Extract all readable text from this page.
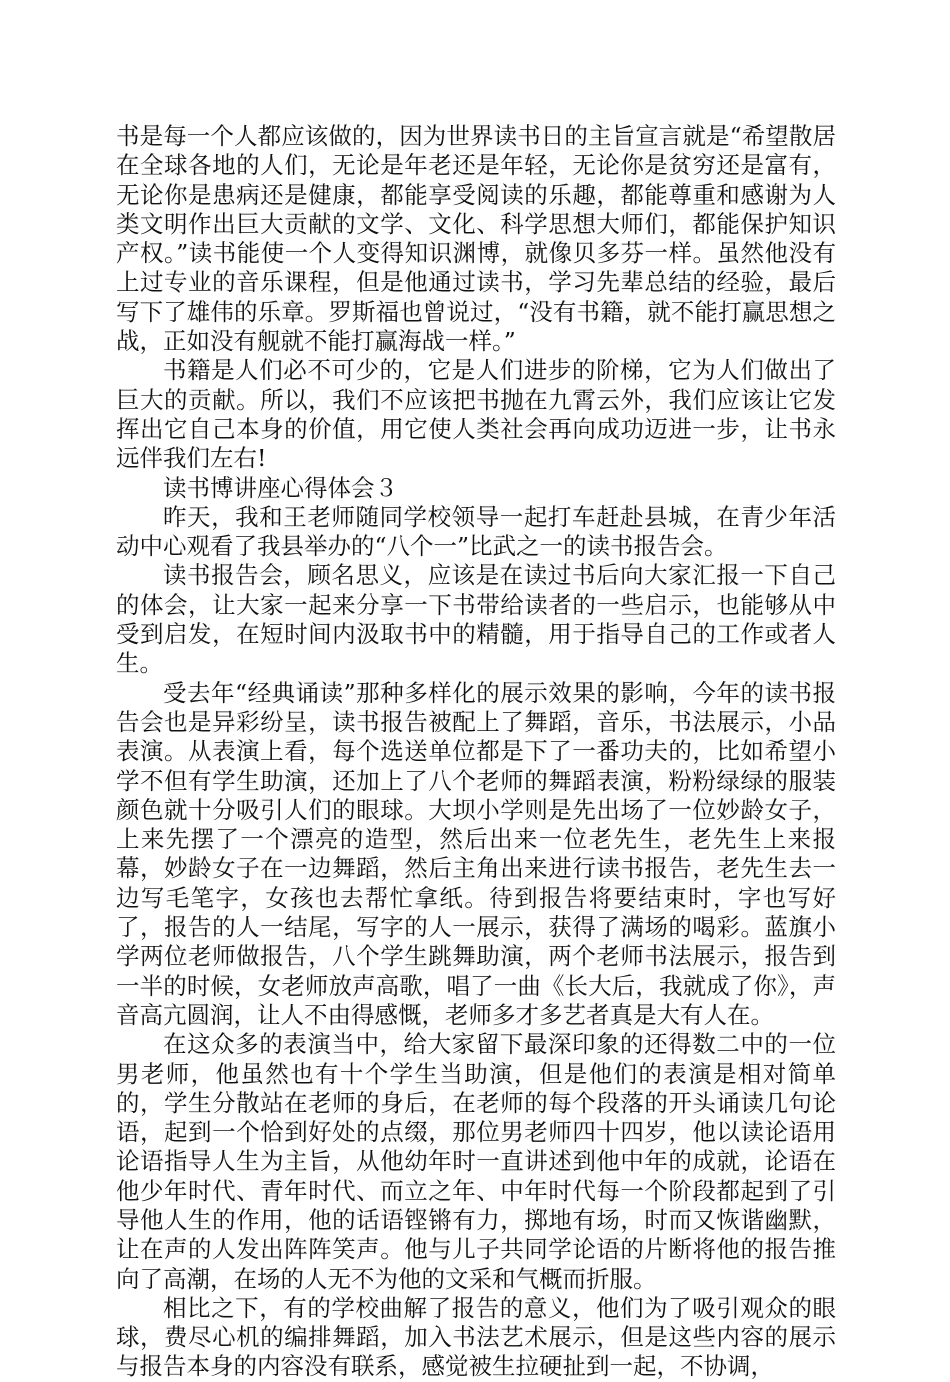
书是每一个人都应该做的，因为世界读书日的主旨宣言就是“希望散居在全球各地的人们，无论是年老还是年轻，无论你是贫穷还是富有，无论你是患病还是健康，都能享受阅读的乐趣，都能尊重和感谢为人类文明作出巨大贡献的文学、文化、科学思想大师们，都能保护知识产权。”读书能使一个人变得知识渊博，就像贝多芬一样。虽然他没有上过专业的音乐课程，但是他通过读书，学习先辈总结的经验，最后写下了雄伟的乐章。罗斯福也曾说过，“没有书籍，就不能打赢思想之战，正如没有舰就不能打赢海战一样。”

书籍是人们必不可少的，它是人们进步的阶梯，它为人们做出了巨大的贡献。所以，我们不应该把书抛在九霄云外，我们应该让它发挥出它自己本身的价值，用它使人类社会再向成功迈进一步，让书永远伴我们左右!

读书博讲座心得体会３

昨天，我和王老师随同学校领导一起打车赶赴县城，在青少年活动中心观看了我县举办的“八个一”比武之一的读书报告会。

读书报告会，顾名思义，应该是在读过书后向大家汇报一下自己的体会，让大家一起来分享一下书带给读者的一些启示，也能够从中受到启发，在短时间内汲取书中的精髓，用于指导自己的工作或者人生。

受去年“经典诵读”那种多样化的展示效果的影响，今年的读书报告会也是异彩纷呈，读书报告被配上了舞蹈，音乐，书法展示，小品表演。从表演上看，每个选送单位都是下了一番功夫的，比如希望小学不但有学生助演，还加上了八个老师的舞蹈表演，粉粉绿绿的服装颜色就十分吸引人们的眼球。大坝小学则是先出场了一位妙龄女子，上来先摆了一个漂亮的造型，然后出来一位老先生，老先生上来报幕，妙龄女子在一边舞蹈，然后主角出来进行读书报告，老先生去一边写毛笔字，女孩也去帮忙拿纸。待到报告将要结束时，字也写好了，报告的人一结尾，写字的人一展示，获得了满场的喝彩。蓝旗小学两位老师做报告，八个学生跳舞助演，两个老师书法展示，报告到一半的时候，女老师放声高歌，唱了一曲《长大后，我就成了你》，声音高亢圆润，让人不由得感慨，老师多才多艺者真是大有人在。

在这众多的表演当中，给大家留下最深印象的还得数二中的一位男老师，他虽然也有十个学生当助演，但是他们的表演是相对简单的，学生分散站在老师的身后，在老师的每个段落的开头诵读几句论语，起到一个恰到好处的点缀，那位男老师四十四岁，他以读论语用论语指导人生为主旨，从他幼年时一直讲述到他中年的成就，论语在他少年时代、青年时代、而立之年、中年时代每一个阶段都起到了引导他人生的作用，他的话语铿锵有力，掷地有场，时而又恢谐幽默，让在声的人发出阵阵笑声。他与儿子共同学论语的片断将他的报告推向了高潮，在场的人无不为他的文采和气概而折服。

相比之下，有的学校曲解了报告的意义，他们为了吸引观众的眼球，费尽心机的编排舞蹈，加入书法艺术展示，但是这些内容的展示与报告本身的内容没有联系，感觉被生拉硬扯到一起，不协调，
